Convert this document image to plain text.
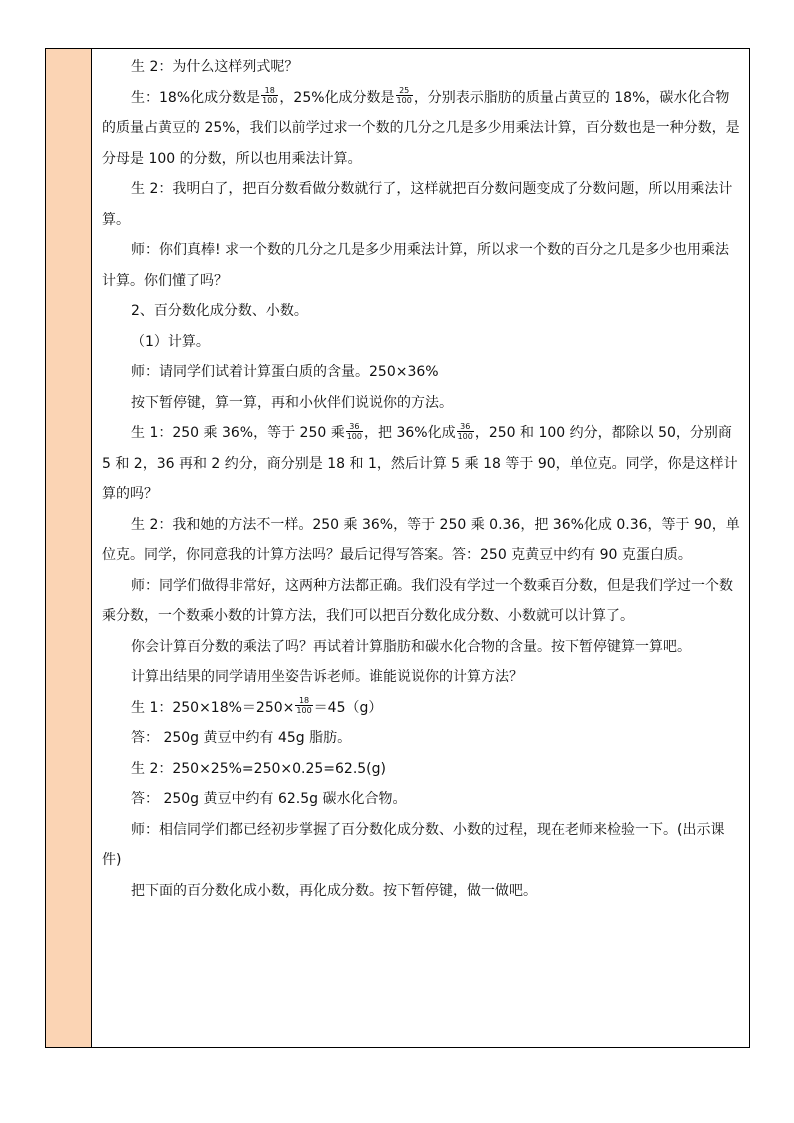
生 2：为什么这样列式呢？

生：18%化成分数是 $\frac{18}{100}$ ，25%化成分数是 $\frac{25}{100}$ ，分别表示脂肪的质量占黄豆的 18%，碳水化合物的质量占黄豆的 25%，我们以前学过求一个数的几分之几是多少用乘法计算，百分数也是一种分数，是分母是 100 的分数，所以也用乘法计算。

生 2：我明白了，把百分数看做分数就行了，这样就把百分数问题变成了分数问题，所以用乘法计算。

师：你们真棒! 求一个数的几分之几是多少用乘法计算，所以求一个数的百分之几是多少也用乘法计算。你们懂了吗？

2、百分数化成分数、小数。

（1）计算。

师：请同学们试着计算蛋白质的含量。250×36%

按下暂停键，算一算，再和小伙伴们说说你的方法。

生 1：250 乘 36%，等于 250 乘 $\frac{36}{100}$ ，把 36%化成 $\frac{36}{100}$ ，250 和 100 约分，都除以 50，分别商 5 和 2，36 再和 2 约分，商分别是 18 和 1，然后计算 5 乘 18 等于 90，单位克。同学，你是这样计算的吗？

生 2：我和她的方法不一样。250 乘 36%，等于 250 乘 0.36，把 36%化成 0.36，等于 90，单位克。同学，你同意我的计算方法吗？最后记得写答案。答：250 克黄豆中约有 90 克蛋白质。

师：同学们做得非常好，这两种方法都正确。我们没有学过一个数乘百分数，但是我们学过一个数乘分数，一个数乘小数的计算方法，我们可以把百分数化成分数、小数就可以计算了。

你会计算百分数的乘法了吗？再试着计算脂肪和碳水化合物的含量。按下暂停键算一算吧。

计算出结果的同学请用坐姿告诉老师。谁能说说你的计算方法？

生 1：$250\times 18\%=250\times \frac{18}{100} =45(g)$

答： 250g 黄豆中约有 45g 脂肪。

生 2：250×25%=250×0.25=62.5(g)

答： 250g 黄豆中约有 62.5g 碳水化合物。

师：相信同学们都已经初步掌握了百分数化成分数、小数的过程，现在老师来检验一下。(出示课件)

把下面的百分数化成小数，再化成分数。按下暂停键，做一做吧。
